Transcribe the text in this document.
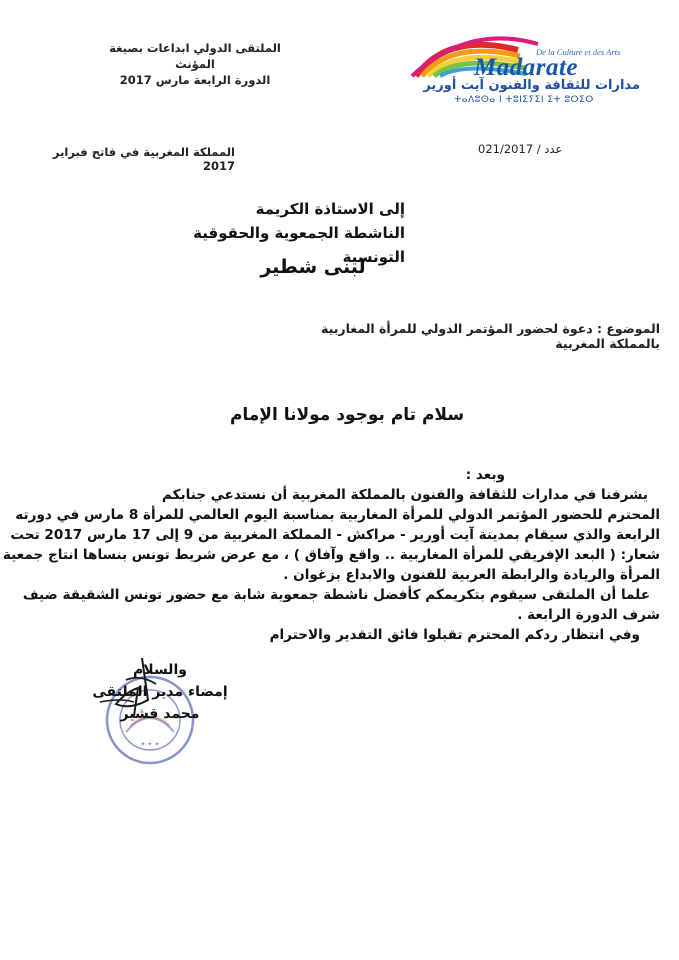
الملتقى الدولي ابداعات بصيغة المؤنث
الدورة الرابعة مارس 2017
De la Culture et des Arts
Madarate
مدارات للثقافة والفنون آيت أورير
ⵜⴰⴷⵓⵙⴰ ⵏ ⵜⵓⵏⵉⵢⵉⵏ ⵉⵜ ⵓⵔⵉⵔ
عدد / 021/2017
المملكة المغربية في فاتح فبراير 2017
إلى الاستاذة الكريمة
الناشطة الجمعوية والحقوقية التونسية
لبنى شطير
الموضوع : دعوة لحضور المؤتمر الدولي للمرأة المغاربية بالمملكة المغربية
سلام تام بوجود مولانا الإمام
وبعد :
يشرفنا في مدارات للثقافة والفنون بالمملكة المغربية أن نستدعي جنابكم
المحترم للحضور المؤتمر الدولي للمرأة المغاربية بمناسبة اليوم العالمي للمرأة 8 مارس في دورته
الرابعة والذي سيقام بمدينة آيت أورير - مراكش - المملكة المغربية من 9 إلى 17 مارس 2017 تحت
شعار: ( البعد الإفريقي للمرأة المغاربية .. واقع وآفاق ) ، مع عرض شريط تونس بنساها انتاج جمعية
المرأة والريادة والرابطة العربية للفنون والابداع بزغوان .
علما أن الملتقى سيقوم بتكريمكم كأفضل ناشطة جمعوية شابة مع حضور تونس الشقيقة ضيف
شرف الدورة الرابعة .
وفي انتظار ردكم المحترم تقبلوا فائق التقدير والاحترام
✦ ✦ ✦
والسلام
إمضاء مدير الملتقى
محمد قشير
